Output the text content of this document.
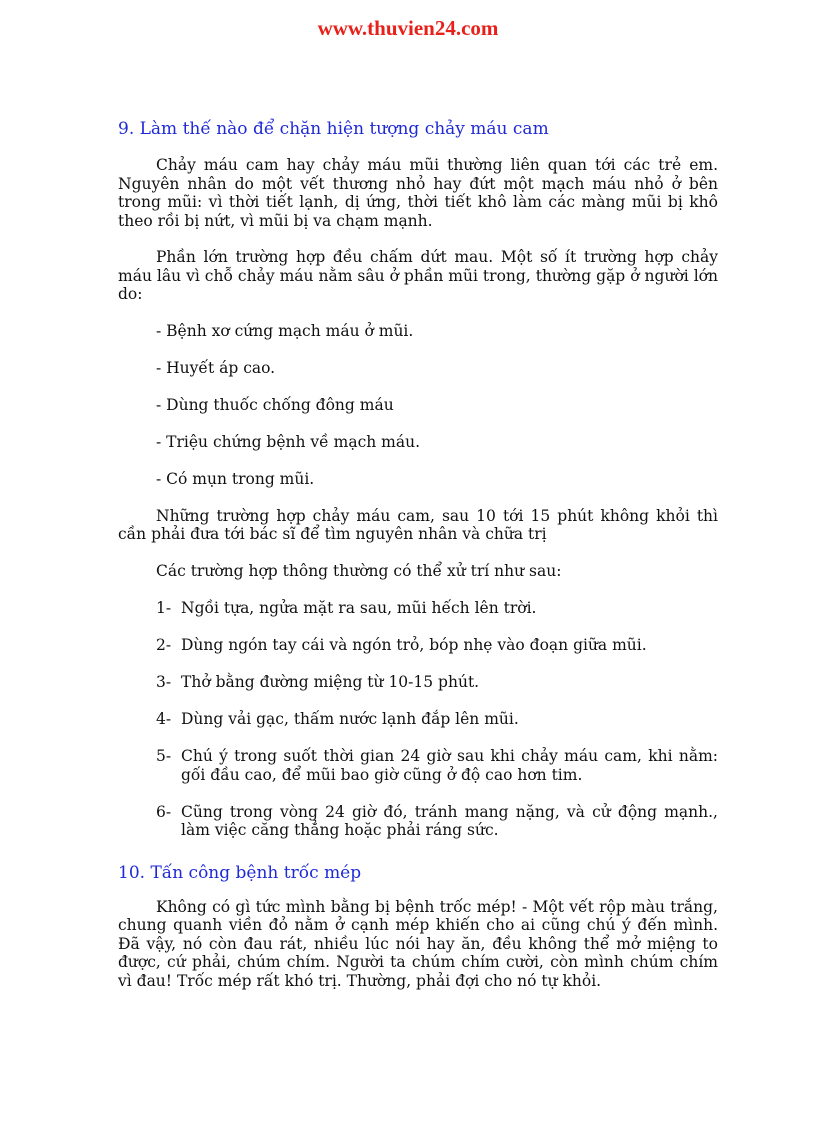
www.thuvien24.com
9. Làm thế nào để chặn hiện tượng chảy máu cam

Chảy máu cam hay chảy máu mũi thường liên quan tới các trẻ em. Nguyên nhân do một vết thương nhỏ hay đứt một mạch máu nhỏ ở bên trong mũi: vì thời tiết lạnh, dị ứng, thời tiết khô làm các màng mũi bị khô theo rồi bị nứt, vì mũi bị va chạm mạnh.

Phần lớn trường hợp đều chấm dứt mau. Một số ít trường hợp chảy máu lâu vì chỗ chảy máu nằm sâu ở phần mũi trong, thường gặp ở người lớn do:

- Bệnh xơ cứng mạch máu ở mũi.

- Huyết áp cao.

- Dùng thuốc chống đông máu

- Triệu chứng bệnh về mạch máu.

- Có mụn trong mũi.

Những trường hợp chảy máu cam, sau 10 tới 15 phút không khỏi thì cần phải đưa tới bác sĩ để tìm nguyên nhân và chữa trị

Các trường hợp thông thường có thể xử trí như sau:

1- Ngồi tựa, ngửa mặt ra sau, mũi hếch lên trời.
2- Dùng ngón tay cái và ngón trỏ, bóp nhẹ vào đoạn giữa mũi.
3- Thở bằng đường miệng từ 10-15 phút.
4- Dùng vải gạc, thấm nước lạnh đắp lên mũi.
5- Chú ý trong suốt thời gian 24 giờ sau khi chảy máu cam, khi nằm: gối đầu cao, để mũi bao giờ cũng ở độ cao hơn tim.
6- Cũng trong vòng 24 giờ đó, tránh mang nặng, và cử động mạnh., làm việc căng thẳng hoặc phải ráng sức.
10. Tấn công bệnh trốc mép

Không có gì tức mình bằng bị bệnh trốc mép! - Một vết rộp màu trắng, chung quanh viền đỏ nằm ở cạnh mép khiến cho ai cũng chú ý đến mình. Đã vậy, nó còn đau rát, nhiều lúc nói hay ăn, đều không thể mở miệng to được, cứ phải, chúm chím. Người ta chúm chím cười, còn mình chúm chím vì đau! Trốc mép rất khó trị. Thường, phải đợi cho nó tự khỏi.
